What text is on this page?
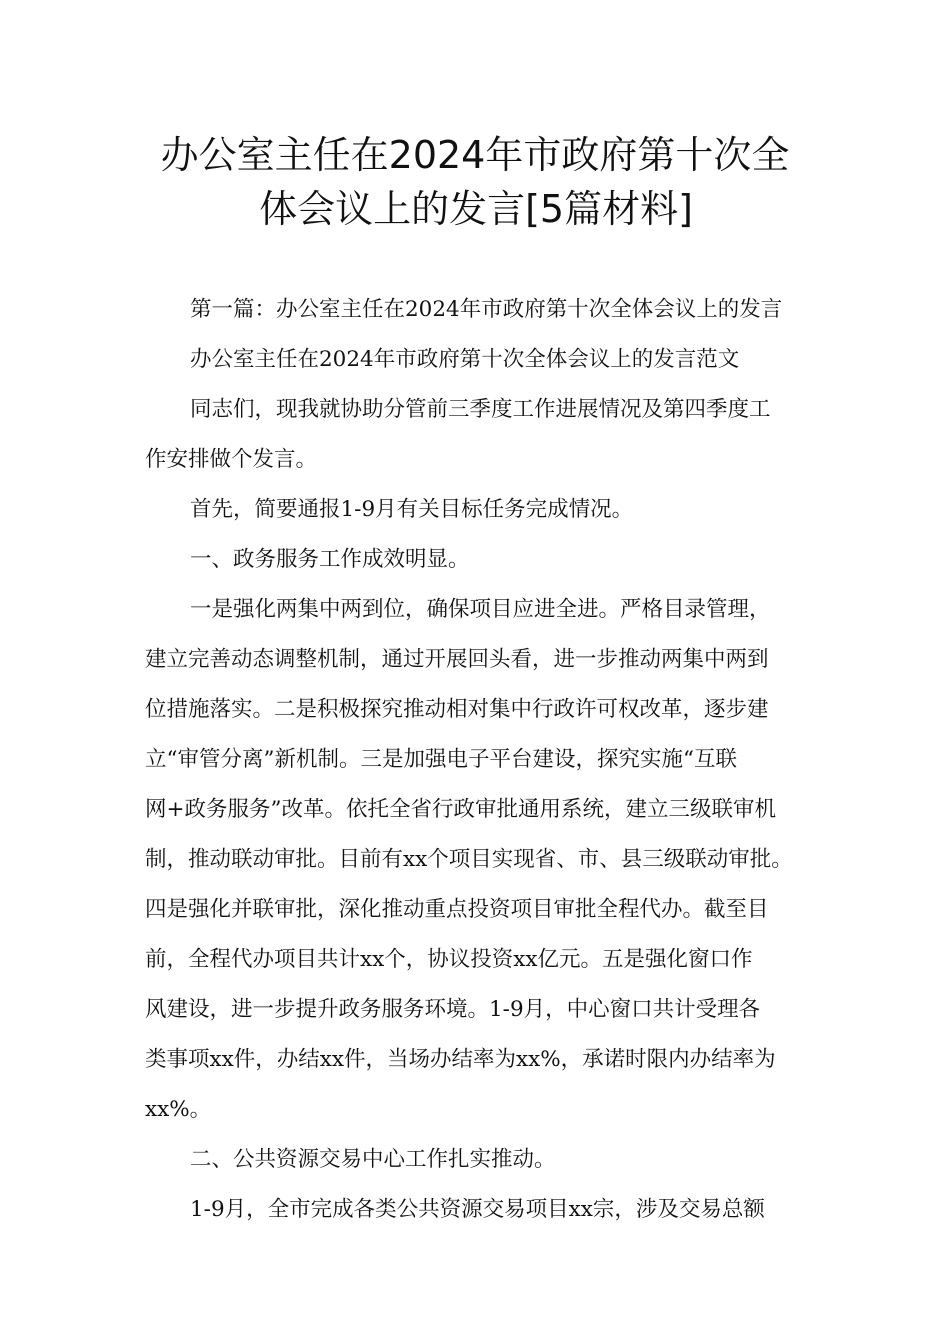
办公室主任在2024年市政府第十次全
体会议上的发言[5篇材料]
第一篇：办公室主任在2024年市政府第十次全体会议上的发言
办公室主任在2024年市政府第十次全体会议上的发言范文
同志们，现我就协助分管前三季度工作进展情况及第四季度工
作安排做个发言。
首先，简要通报1-9月有关目标任务完成情况。
一、政务服务工作成效明显。
一是强化两集中两到位，确保项目应进全进。严格目录管理，
建立完善动态调整机制，通过开展回头看，进一步推动两集中两到
位措施落实。二是积极探究推动相对集中行政许可权改革，逐步建
立“审管分离”新机制。三是加强电子平台建设，探究实施“互联
网+政务服务”改革。依托全省行政审批通用系统，建立三级联审机
制，推动联动审批。目前有xx个项目实现省、市、县三级联动审批。
四是强化并联审批，深化推动重点投资项目审批全程代办。截至目
前，全程代办项目共计xx个，协议投资xx亿元。五是强化窗口作
风建设，进一步提升政务服务环境。1-9月，中心窗口共计受理各
类事项xx件，办结xx件，当场办结率为xx%，承诺时限内办结率为
xx%。
二、公共资源交易中心工作扎实推动。
1-9月，全市完成各类公共资源交易项目xx宗，涉及交易总额
